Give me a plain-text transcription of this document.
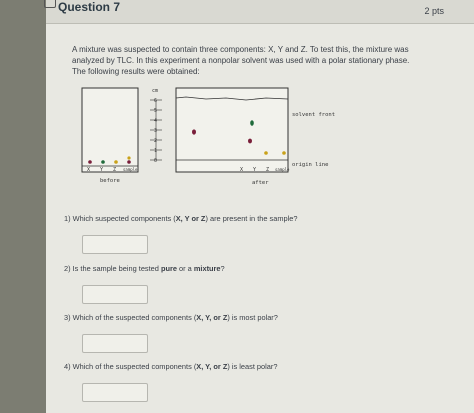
Question 7	2 pts
A mixture was suspected to contain three components: X, Y and Z. To test this, the mixture was
analyzed by TLC. In this experiment a nonpolar solvent was used with a polar stationary phase.
The following results were obtained:
X Y Z sample
before
cm
6
5
4
3
2
1
0
X Y Z sample
after
solvent front
origin line
1) Which suspected components (X, Y or Z) are present in the sample?
2) Is the sample being tested pure or a mixture?
3) Which of the suspected components (X, Y, or Z) is most polar?
4) Which of the suspected components (X, Y, or Z) is least polar?
